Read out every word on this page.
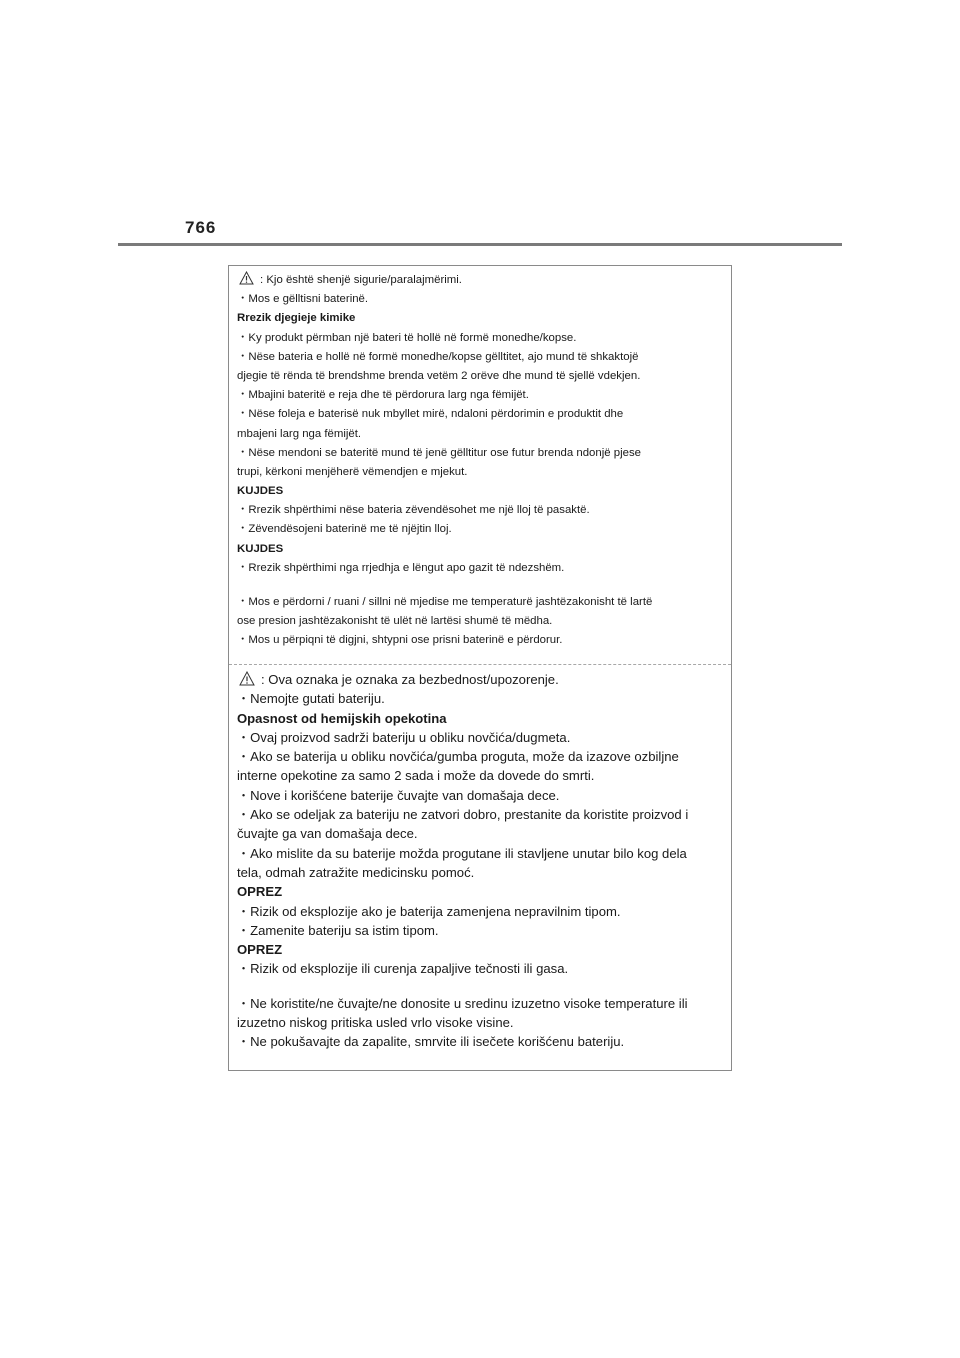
766
: Kjo është shenjë sigurie/paralajmërimi.
・Mos e gëlltisni baterinë.
Rrezik djegieje kimike
・Ky produkt përmban një bateri të hollë në formë monedhe/kopse.
・Nëse bateria e hollë në formë monedhe/kopse gëlltitet, ajo mund të shkaktojë
djegie të rënda të brendshme brenda vetëm 2 orëve dhe mund të sjellë vdekjen.
・Mbajini bateritë e reja dhe të përdorura larg nga fëmijët.
・Nëse foleja e baterisë nuk mbyllet mirë, ndaloni përdorimin e produktit dhe
mbajeni larg nga fëmijët.
・Nëse mendoni se bateritë mund të jenë gëlltitur ose futur brenda ndonjë pjese
trupi, kërkoni menjëherë vëmendjen e mjekut.
KUJDES
・Rrezik shpërthimi nëse bateria zëvendësohet me një lloj të pasaktë.
・Zëvendësojeni baterinë me të njëjtin lloj.
KUJDES
・Rrezik shpërthimi nga rrjedhja e lëngut apo gazit të ndezshëm.
・Mos e përdorni / ruani / sillni në mjedise me temperaturë jashtëzakonisht të lartë
ose presion jashtëzakonisht të ulët në lartësi shumë të mëdha.
・Mos u përpiqni të digjni, shtypni ose prisni baterinë e përdorur.
: Ova oznaka je oznaka za bezbednost/upozorenje.
・Nemojte gutati bateriju.
Opasnost od hemijskih opekotina
・Ovaj proizvod sadrži bateriju u obliku novčića/dugmeta.
・Ako se baterija u obliku novčića/gumba proguta, može da izazove ozbiljne
interne opekotine za samo 2 sada i može da dovede do smrti.
・Nove i korišćene baterije čuvajte van domašaja dece.
・Ako se odeljak za bateriju ne zatvori dobro, prestanite da koristite proizvod i
čuvajte ga van domašaja dece.
・Ako mislite da su baterije možda progutane ili stavljene unutar bilo kog dela
tela, odmah zatražite medicinsku pomoć.
OPREZ
・Rizik od eksplozije ako je baterija zamenjena nepravilnim tipom.
・Zamenite bateriju sa istim tipom.
OPREZ
・Rizik od eksplozije ili curenja zapaljive tečnosti ili gasa.
・Ne koristite/ne čuvajte/ne donosite u sredinu izuzetno visoke temperature ili
izuzetno niskog pritiska usled vrlo visoke visine.
・Ne pokušavajte da zapalite, smrvite ili isečete korišćenu bateriju.
